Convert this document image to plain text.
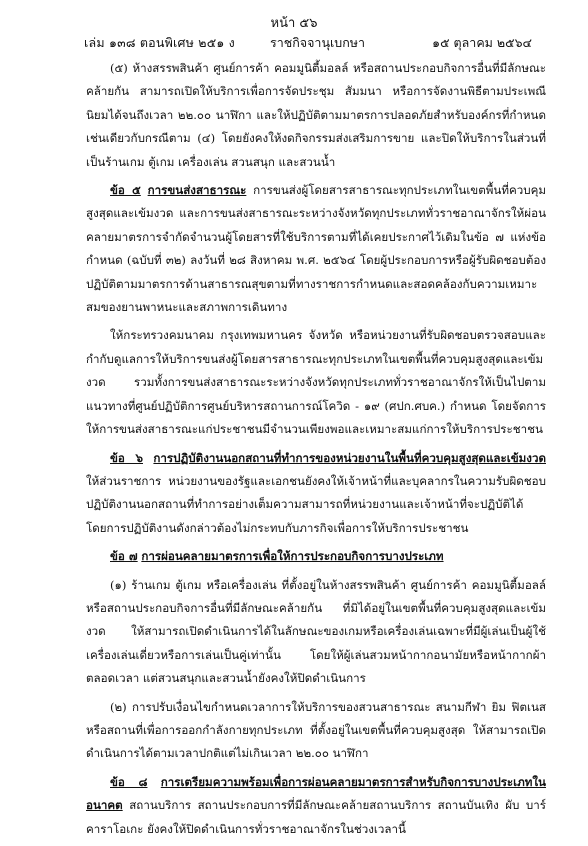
หน้า ๕๖
เล่ม ๑๓๘ ตอนพิเศษ ๒๕๑ ง	ราชกิจจานุเบกษา	๑๕ ตุลาคม ๒๕๖๔

(๕) ห้างสรรพสินค้า ศูนย์การค้า คอมมูนิตี้มอลล์ หรือสถานประกอบกิจการอื่นที่มีลักษณะคล้ายกัน สามารถเปิดให้บริการเพื่อการจัดประชุม สัมมนา หรือการจัดงานพิธีตามประเพณีนิยมได้จนถึงเวลา ๒๒.๐๐ นาฬิกา และให้ปฏิบัติตามมาตรการปลอดภัยสำหรับองค์กรที่กำหนดเช่นเดียวกับกรณีตาม (๔) โดยยังคงให้งดกิจกรรมส่งเสริมการขาย และปิดให้บริการในส่วนที่เป็นร้านเกม ตู้เกม เครื่องเล่น สวนสนุก และสวนน้ำ

ข้อ ๕ การขนส่งสาธารณะ การขนส่งผู้โดยสารสาธารณะทุกประเภทในเขตพื้นที่ควบคุมสูงสุดและเข้มงวด และการขนส่งสาธารณะระหว่างจังหวัดทุกประเภททั่วราชอาณาจักรให้ผ่อนคลายมาตรการจำกัดจำนวนผู้โดยสารที่ใช้บริการตามที่ได้เคยประกาศไว้เดิมในข้อ ๗ แห่งข้อกำหนด (ฉบับที่ ๓๒) ลงวันที่ ๒๘ สิงหาคม พ.ศ. ๒๕๖๔ โดยผู้ประกอบการหรือผู้รับผิดชอบต้องปฏิบัติตามมาตรการด้านสาธารณสุขตามที่ทางราชการกำหนดและสอดคล้องกับความเหมาะสมของยานพาหนะและสภาพการเดินทาง

ให้กระทรวงคมนาคม กรุงเทพมหานคร จังหวัด หรือหน่วยงานที่รับผิดชอบตรวจสอบและกำกับดูแลการให้บริการขนส่งผู้โดยสารสาธารณะทุกประเภทในเขตพื้นที่ควบคุมสูงสุดและเข้มงวด รวมทั้งการขนส่งสาธารณะระหว่างจังหวัดทุกประเภททั่วราชอาณาจักรให้เป็นไปตามแนวทางที่ศูนย์ปฏิบัติการศูนย์บริหารสถานการณ์โควิด - ๑๙ (ศปก.ศบค.) กำหนด โดยจัดการให้การขนส่งสาธารณะแก่ประชาชนมีจำนวนเพียงพอและเหมาะสมแก่การให้บริการประชาชน

ข้อ ๖ การปฏิบัติงานนอกสถานที่ทำการของหน่วยงานในพื้นที่ควบคุมสูงสุดและเข้มงวด ให้ส่วนราชการ หน่วยงานของรัฐและเอกชนยังคงให้เจ้าหน้าที่และบุคลากรในความรับผิดชอบปฏิบัติงานนอกสถานที่ทำการอย่างเต็มความสามารถที่หน่วยงานและเจ้าหน้าที่จะปฏิบัติได้ โดยการปฏิบัติงานดังกล่าวต้องไม่กระทบกับภารกิจเพื่อการให้บริการประชาชน

ข้อ ๗ การผ่อนคลายมาตรการเพื่อให้การประกอบกิจการบางประเภท

(๑) ร้านเกม ตู้เกม หรือเครื่องเล่น ที่ตั้งอยู่ในห้างสรรพสินค้า ศูนย์การค้า คอมมูนิตี้มอลล์ หรือสถานประกอบกิจการอื่นที่มีลักษณะคล้ายกัน ที่มิได้อยู่ในเขตพื้นที่ควบคุมสูงสุดและเข้มงวด ให้สามารถเปิดดำเนินการได้ในลักษณะของเกมหรือเครื่องเล่นเฉพาะที่มีผู้เล่นเป็นผู้ใช้เครื่องเล่นเดี่ยวหรือการเล่นเป็นคู่เท่านั้น โดยให้ผู้เล่นสวมหน้ากากอนามัยหรือหน้ากากผ้าตลอดเวลา แต่สวนสนุกและสวนน้ำยังคงให้ปิดดำเนินการ

(๒) การปรับเงื่อนไขกำหนดเวลาการให้บริการของสวนสาธารณะ สนามกีฬา ยิม ฟิตเนส หรือสถานที่เพื่อการออกกำลังกายทุกประเภท ที่ตั้งอยู่ในเขตพื้นที่ควบคุมสูงสุด ให้สามารถเปิดดำเนินการได้ตามเวลาปกติแต่ไม่เกินเวลา ๒๒.๐๐ นาฬิกา

ข้อ ๘ การเตรียมความพร้อมเพื่อการผ่อนคลายมาตรการสำหรับกิจการบางประเภทในอนาคต สถานบริการ สถานประกอบการที่มีลักษณะคล้ายสถานบริการ สถานบันเทิง ผับ บาร์ คาราโอเกะ ยังคงให้ปิดดำเนินการทั่วราชอาณาจักรในช่วงเวลานี้
